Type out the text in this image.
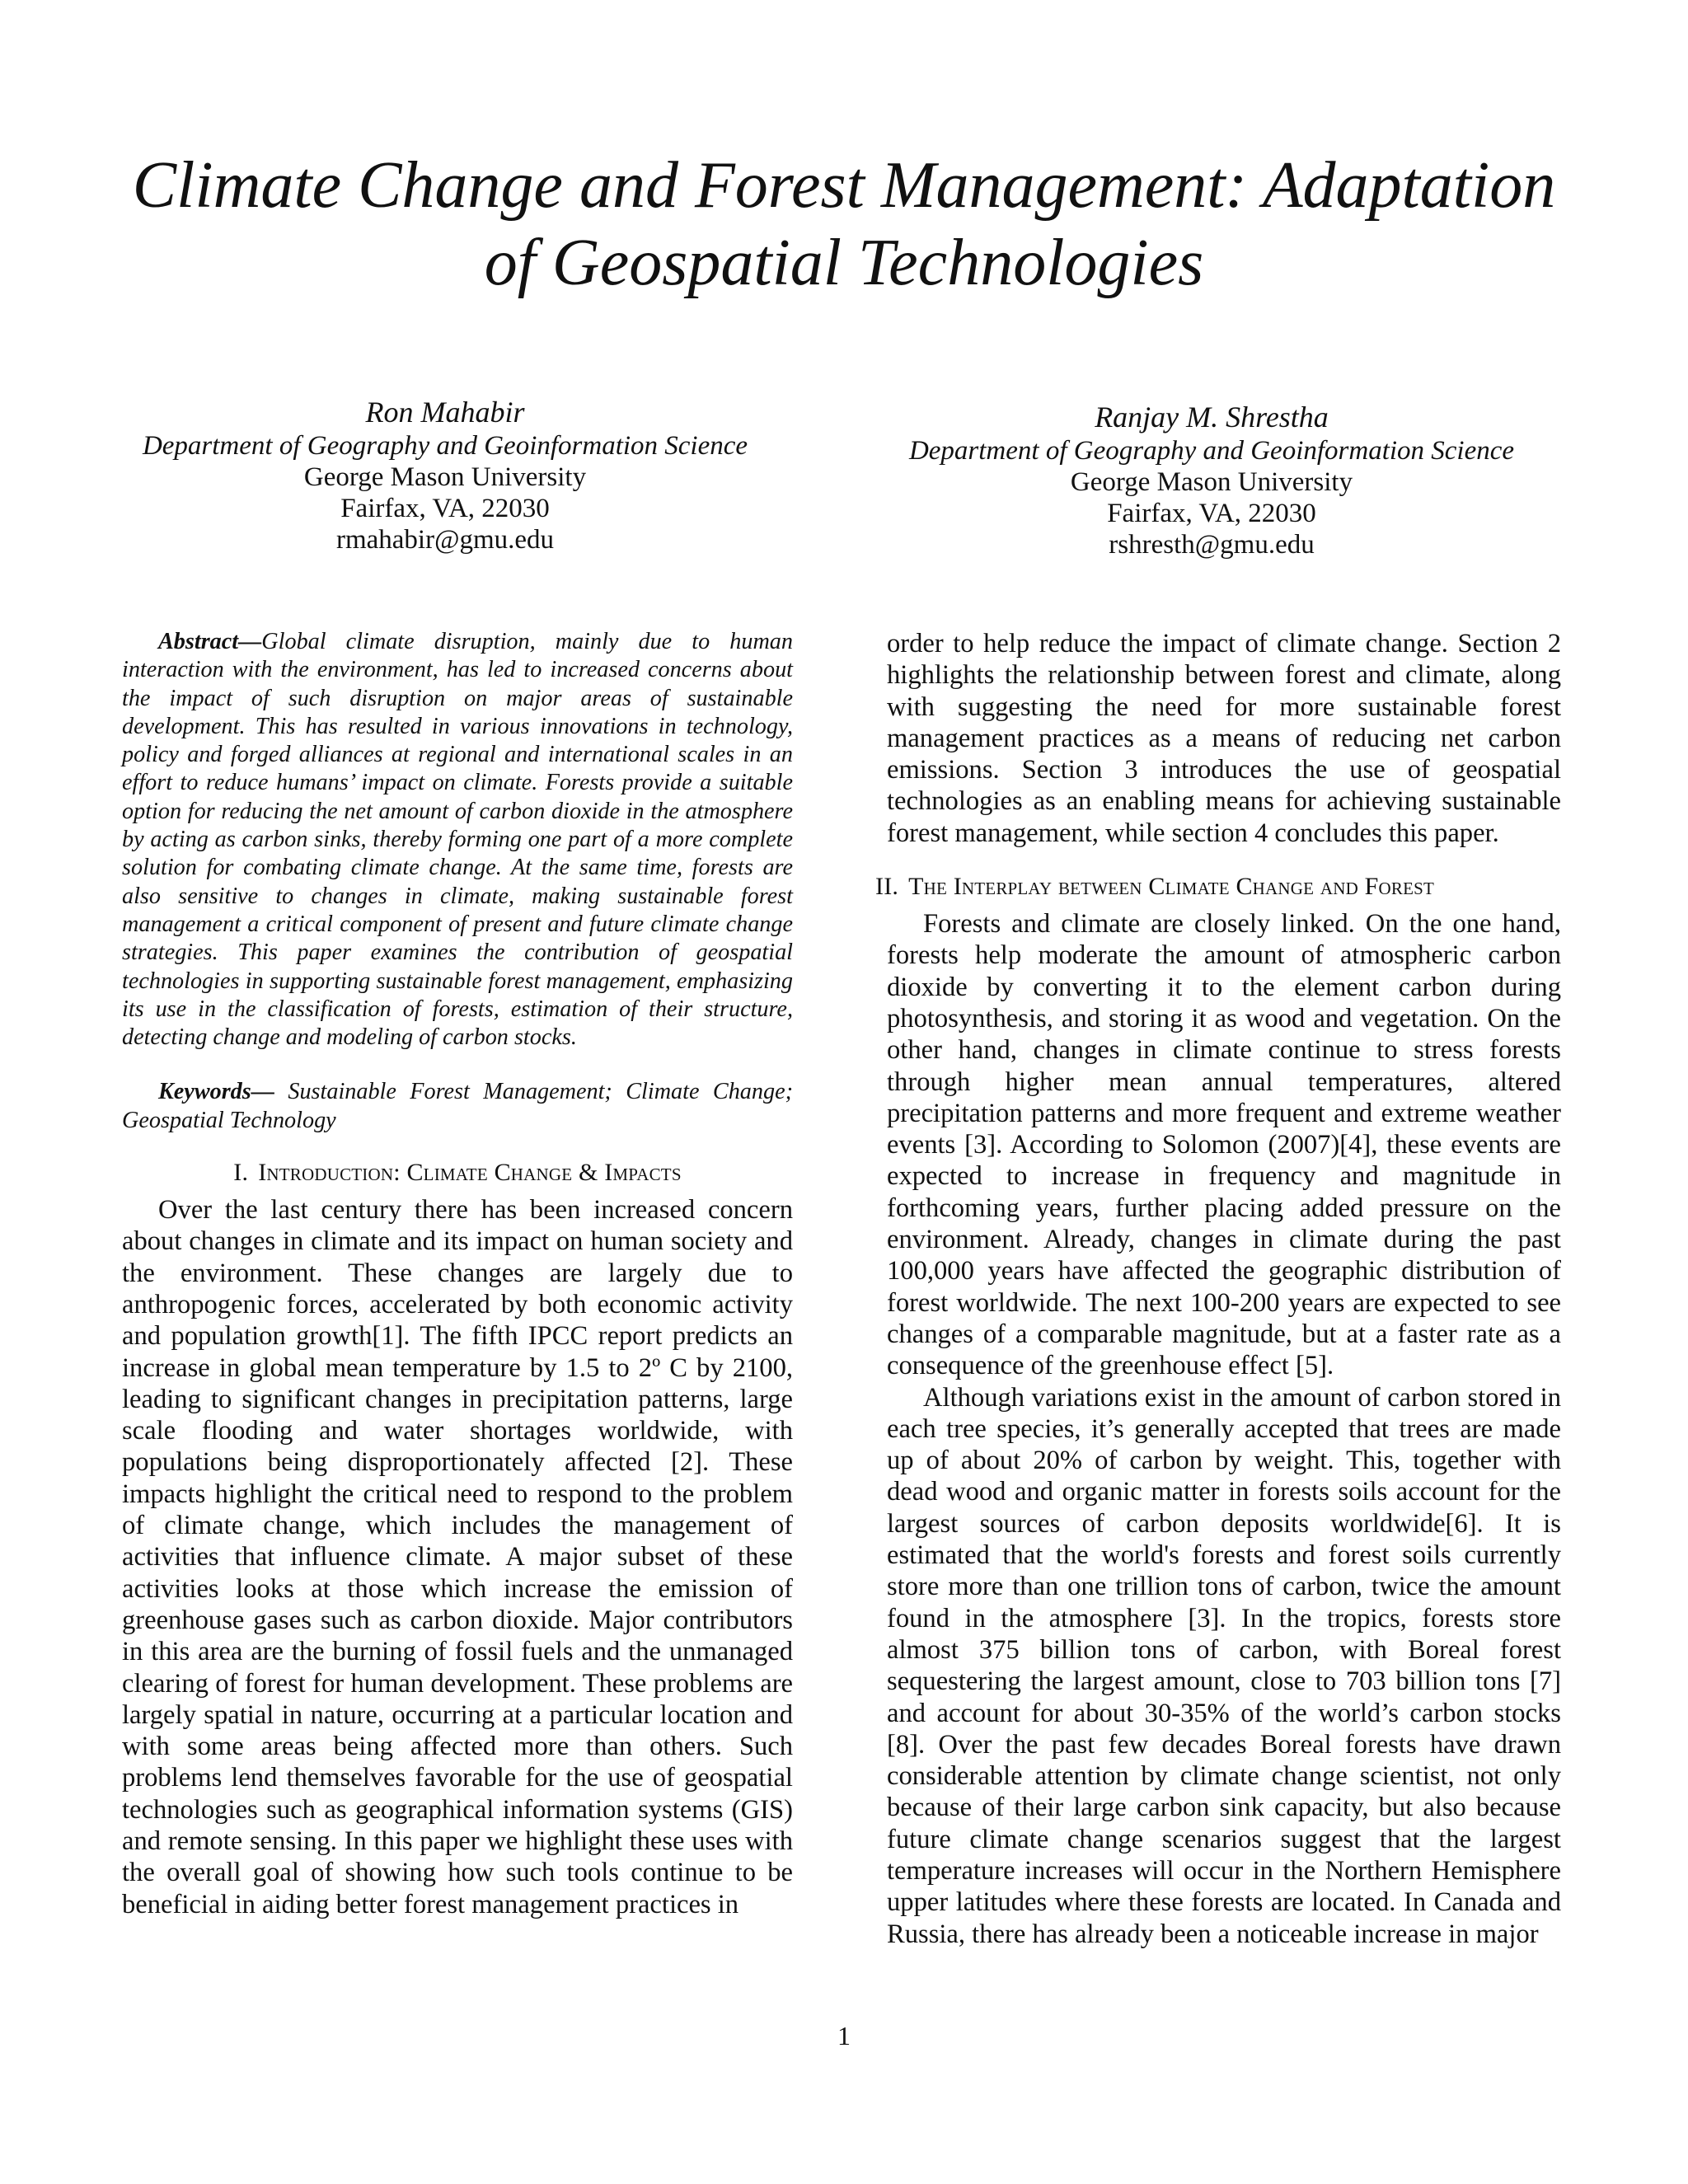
Climate Change and Forest Management: Adaptation
of Geospatial Technologies
Ron Mahabir
Department of Geography and Geoinformation Science
George Mason University
Fairfax, VA, 22030
rmahabir@gmu.edu
Ranjay M. Shrestha
Department of Geography and Geoinformation Science
George Mason University
Fairfax, VA, 22030
rshresth@gmu.edu

Abstract—Global climate disruption, mainly due to human interaction with the environment, has led to increased concerns about the impact of such disruption on major areas of sustainable development. This has resulted in various innovations in technology, policy and forged alliances at regional and international scales in an effort to reduce humans’ impact on climate. Forests provide a suitable option for reducing the net amount of carbon dioxide in the atmosphere by acting as carbon sinks, thereby forming one part of a more complete solution for combating climate change. At the same time, forests are also sensitive to changes in climate, making sustainable forest management a critical component of present and future climate change strategies. This paper examines the contribution of geospatial technologies in supporting sustainable forest management, emphasizing its use in the classification of forests, estimation of their structure, detecting change and modeling of carbon stocks.

Keywords— Sustainable Forest Management; Climate Change; Geospatial Technology

I. Introduction: Climate Change & Impacts

Over the last century there has been increased concern about changes in climate and its impact on human society and the environment. These changes are largely due to anthropogenic forces, accelerated by both economic activity and population growth[1]. The fifth IPCC report predicts an increase in global mean temperature by 1.5 to 2º C by 2100, leading to significant changes in precipitation patterns, large scale flooding and water shortages worldwide, with populations being disproportionately affected [2]. These impacts highlight the critical need to respond to the problem of climate change, which includes the management of activities that influence climate. A major subset of these activities looks at those which increase the emission of greenhouse gases such as carbon dioxide. Major contributors in this area are the burning of fossil fuels and the unmanaged clearing of forest for human development. These problems are largely spatial in nature, occurring at a particular location and with some areas being affected more than others. Such problems lend themselves favorable for the use of geospatial technologies such as geographical information systems (GIS) and remote sensing. In this paper we highlight these uses with the overall goal of showing how such tools continue to be beneficial in aiding better forest management practices in

order to help reduce the impact of climate change. Section 2 highlights the relationship between forest and climate, along with suggesting the need for more sustainable forest management practices as a means of reducing net carbon emissions. Section 3 introduces the use of geospatial technologies as an enabling means for achieving sustainable forest management, while section 4 concludes this paper.

II. The Interplay between Climate Change and Forest

Forests and climate are closely linked. On the one hand, forests help moderate the amount of atmospheric carbon dioxide by converting it to the element carbon during photosynthesis, and storing it as wood and vegetation. On the other hand, changes in climate continue to stress forests through higher mean annual temperatures, altered precipitation patterns and more frequent and extreme weather events [3]. According to Solomon (2007)[4], these events are expected to increase in frequency and magnitude in forthcoming years, further placing added pressure on the environment. Already, changes in climate during the past 100,000 years have affected the geographic distribution of forest worldwide. The next 100-200 years are expected to see changes of a comparable magnitude, but at a faster rate as a consequence of the greenhouse effect [5].

Although variations exist in the amount of carbon stored in each tree species, it’s generally accepted that trees are made up of about 20% of carbon by weight. This, together with dead wood and organic matter in forests soils account for the largest sources of carbon deposits worldwide[6]. It is estimated that the world's forests and forest soils currently store more than one trillion tons of carbon, twice the amount found in the atmosphere [3]. In the tropics, forests store almost 375 billion tons of carbon, with Boreal forest sequestering the largest amount, close to 703 billion tons [7] and account for about 30-35% of the world’s carbon stocks [8]. Over the past few decades Boreal forests have drawn considerable attention by climate change scientist, not only because of their large carbon sink capacity, but also because future climate change scenarios suggest that the largest temperature increases will occur in the Northern Hemisphere upper latitudes where these forests are located. In Canada and Russia, there has already been a noticeable increase in major

1
